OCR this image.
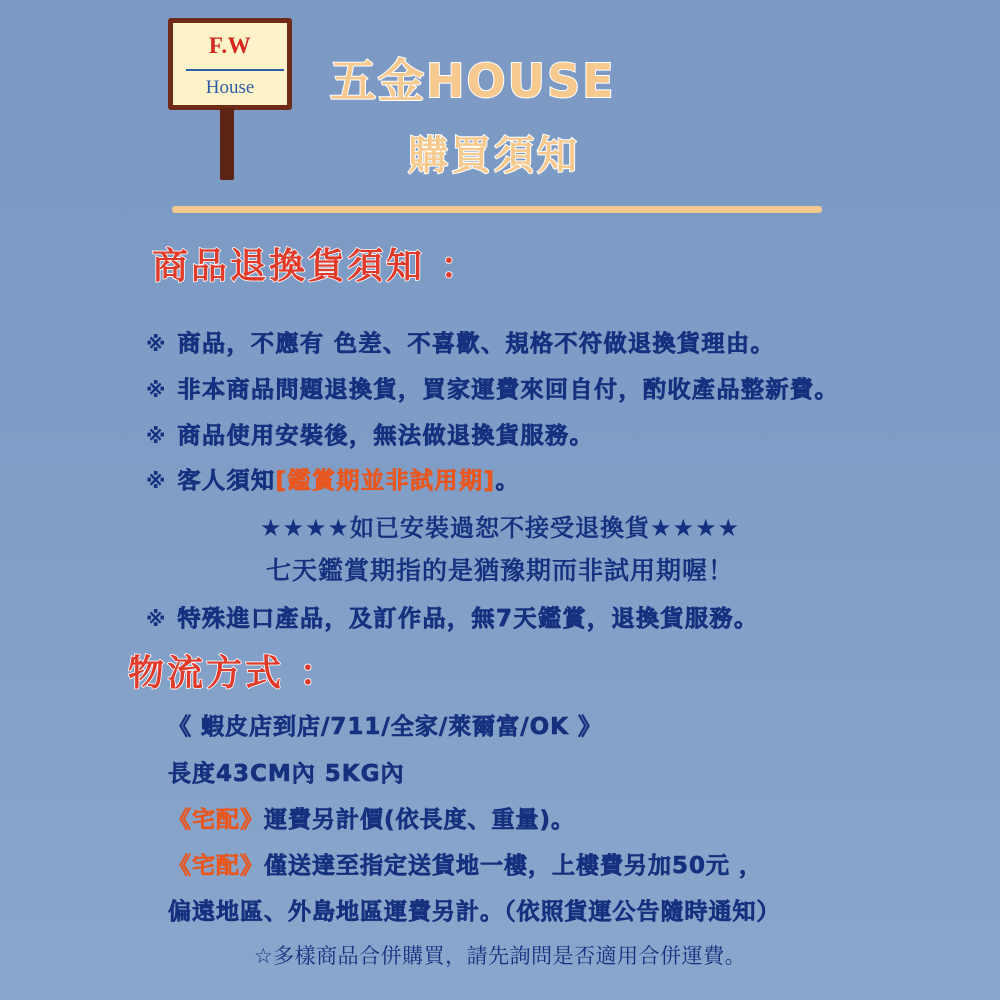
F.W
House	五金HOUSE
購買須知
商品退換貨須知 ：
※ 商品，不應有 色差、不喜歡、規格不符做退換貨理由。
※ 非本商品問題退換貨，買家運費來回自付，酌收產品整新費。
※ 商品使用安裝後，無法做退換貨服務。
※ 客人須知[鑑賞期並非試用期]。
★★★★如已安裝過恕不接受退換貨★★★★
七天鑑賞期指的是猶豫期而非試用期喔！
※ 特殊進口產品，及訂作品，無7天鑑賞，退換貨服務。
物流方式 ：
《 蝦皮店到店/711/全家/萊爾富/OK 》
長度43CM內 5KG內
《宅配》運費另計價(依長度、重量)。
《宅配》僅送達至指定送貨地一樓，上樓費另加50元 ，
偏遠地區、外島地區運費另計。（依照貨運公告隨時通知）
☆多樣商品合併購買，請先詢問是否適用合併運費。
